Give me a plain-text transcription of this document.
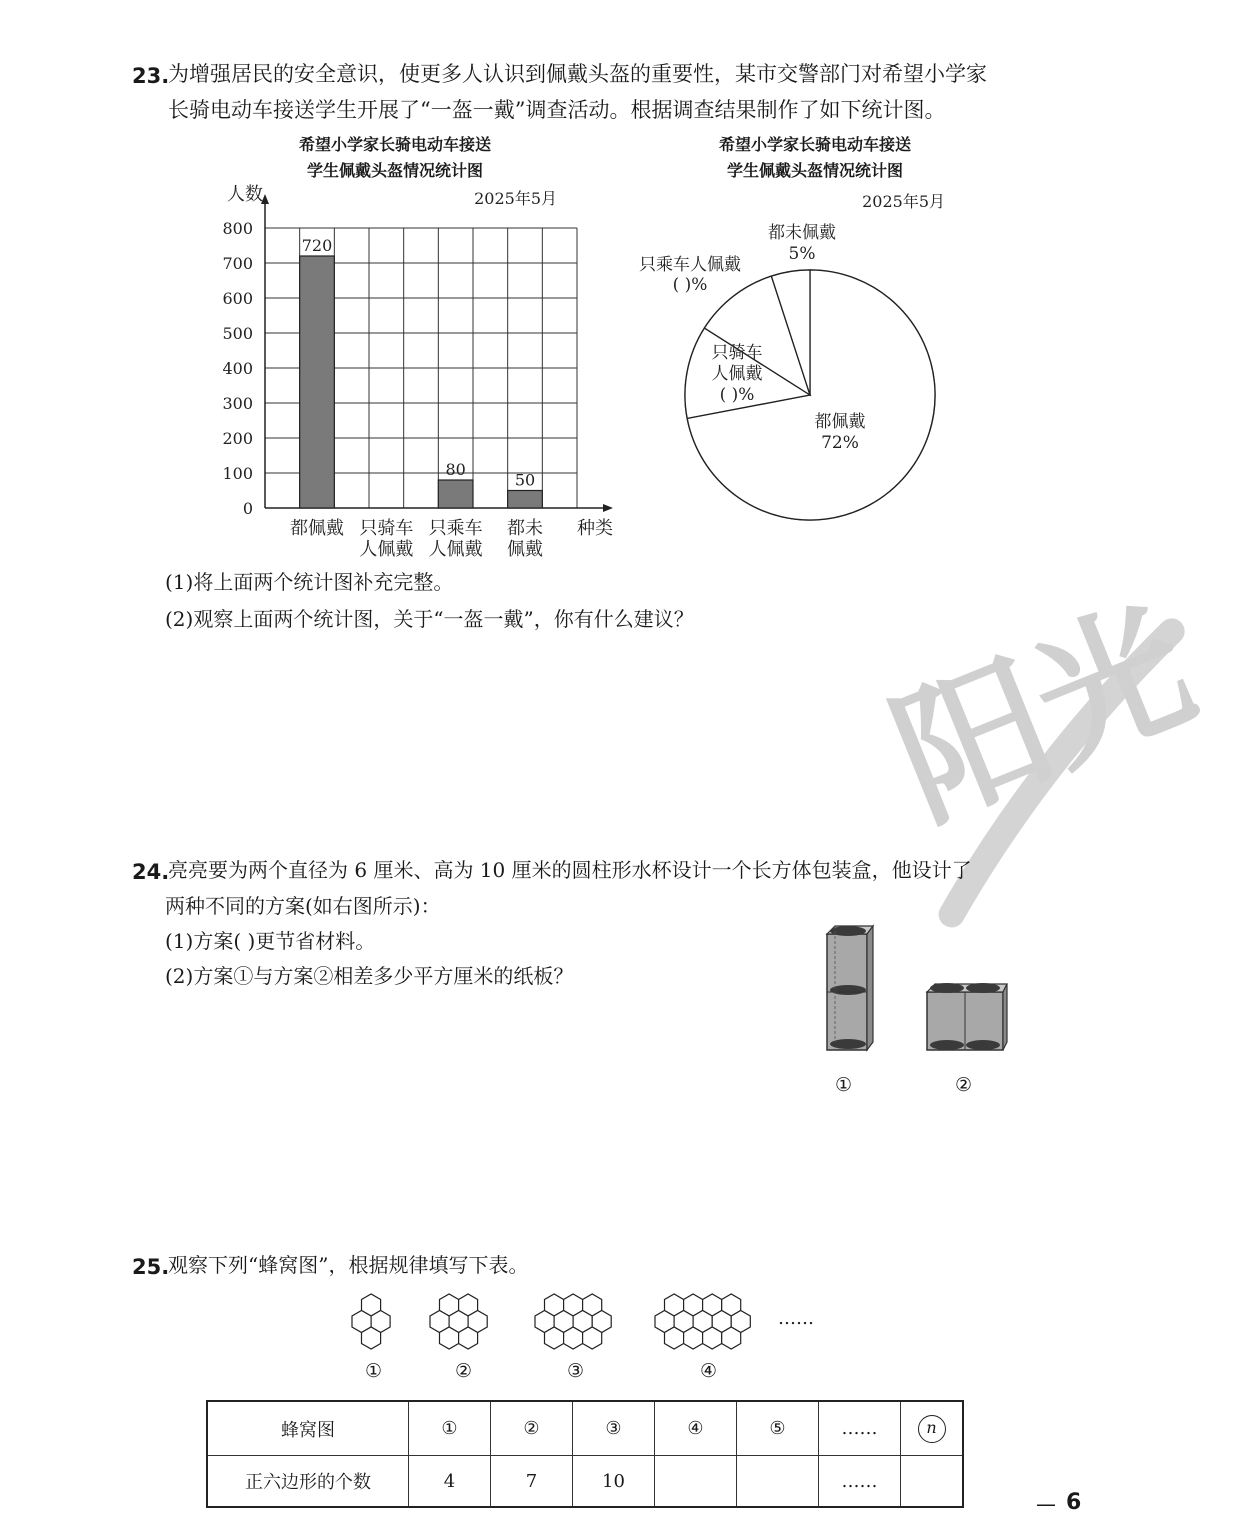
阳光
23.
为增强居民的安全意识，使更多人认识到佩戴头盔的重要性，某市交警部门对希望小学家
长骑电动车接送学生开展了“一盔一戴”调查活动。根据调查结果制作了如下统计图。
希望小学家长骑电动车接送
学生佩戴头盔情况统计图
希望小学家长骑电动车接送
学生佩戴头盔情况统计图
0
100
200
300
400
500
600
700
800
人数	2025年5月
种类
720
都佩戴 只骑车
人佩戴
80
只乘车
人佩戴
50
都未
佩戴
2025年5月
都佩戴
72%
只骑车
人佩戴
( )%
只乘车人佩戴
( )%
都未佩戴
5%
(1)将上面两个统计图补充完整。
(2)观察上面两个统计图，关于“一盔一戴”，你有什么建议？
24.
亮亮要为两个直径为 6 厘米、高为 10 厘米的圆柱形水杯设计一个长方体包装盒，他设计了
两种不同的方案(如右图所示)：
(1)方案( )更节省材料。
(2)方案①与方案②相差多少平方厘米的纸板？
①	②
25.
观察下列“蜂窝图”，根据规律填写下表。
……
①	②	③	④
蜂窝图	①	②	③	④	⑤	……	n
正六边形的个数	4	7	10			……	
— 6
